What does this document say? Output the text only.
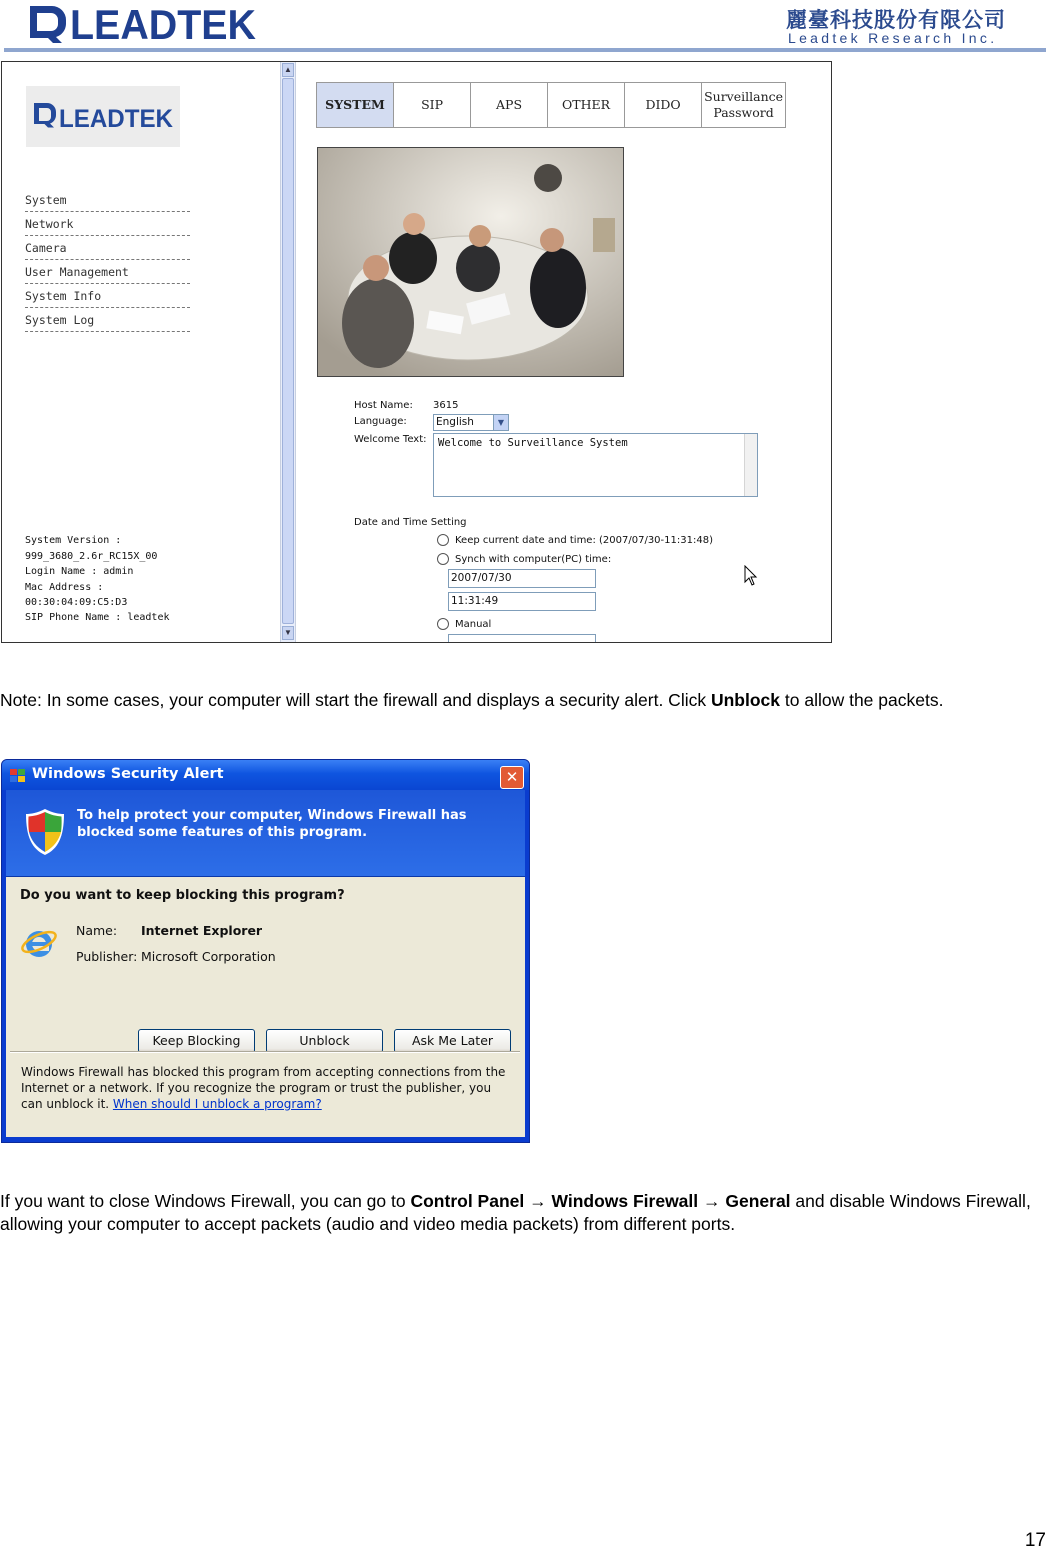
LEADTEK	麗臺科技股份有限公司
Leadtek Research Inc.
LEADTEK
System
Network
Camera
User Management
System Info
System Log
System Version :
999_3680_2.6r_RC15X_00
Login Name : admin
Mac Address :
00:30:04:09:C5:D3
SIP Phone Name : leadtek
▲
▼
SYSTEM	SIP	APS	OTHER	DIDO
Surveillance Password
Host Name: 3615
Language:	English	▼
Welcome Text:	Welcome to Surveillance System
Date and Time Setting
Keep current date and time: (2007/07/30-11:31:48)
Synch with computer(PC) time:
2007/07/30
11:31:49
Manual
Note: In some cases, your computer will start the firewall and displays a security alert. Click Unblock to allow the packets.
Windows Security Alert	✕
To help protect your computer, Windows Firewall has blocked some features of this program.
Do you want to keep blocking this program?
Name: Internet Explorer
Publisher: Microsoft Corporation
Keep Blocking	Unblock	Ask Me Later
Windows Firewall has blocked this program from accepting connections from the Internet or a network. If you recognize the program or trust the publisher, you can unblock it. When should I unblock a program?
If you want to close Windows Firewall, you can go to Control Panel → Windows Firewall → General and disable Windows Firewall, allowing your computer to accept packets (audio and video media packets) from different ports.
17
